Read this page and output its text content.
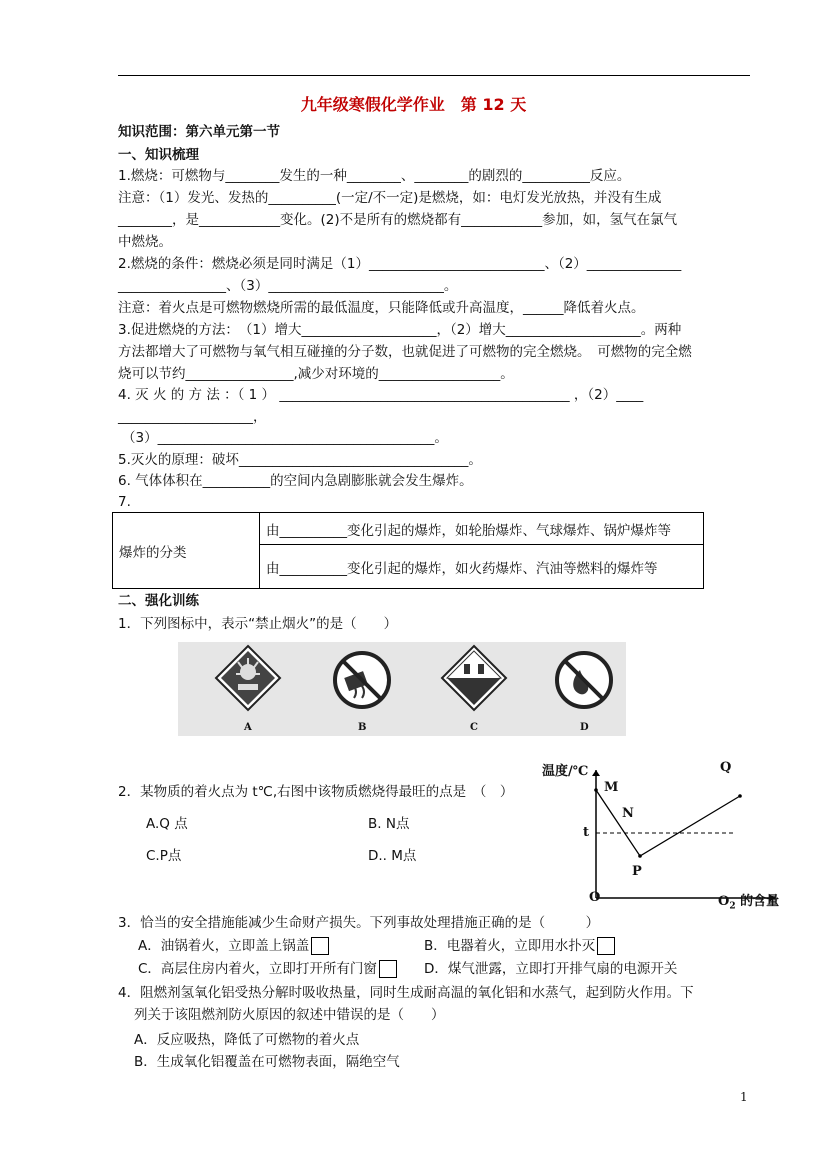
九年级寒假化学作业　第 12 天
知识范围：第六单元第一节
一、知识梳理
1.燃烧：可燃物与________发生的一种________、________的剧烈的__________反应。
注意：（1）发光、发热的__________(一定/不一定)是燃烧，如：电灯发光放热，并没有生成
________，是____________变化。(2)不是所有的燃烧都有____________参加，如，氢气在氯气
中燃烧。
2.燃烧的条件：燃烧必须是同时满足（1）__________________________、（2）______________
________________、（3）__________________________。
注意：着火点是可燃物燃烧所需的最低温度，只能降低或升高温度，______降低着火点。
3.促进燃烧的方法：　（1）增大____________________，（2）增大____________________。两种
方法都增大了可燃物与氧气相互碰撞的分子数，也就促进了可燃物的完全燃烧。　可燃物的完全燃
烧可以节约________________,减少对环境的__________________。
4. 灭 火 的 方 法 ：（ 1 ） ___________________________________________ ，（2）____
____________________，
（3）_________________________________________。
5.灭火的原理：破坏__________________________________。
6. 气体体积在__________的空间内急剧膨胀就会发生爆炸。
7.
爆炸的分类	由__________变化引起的爆炸，如轮胎爆炸、气球爆炸、锅炉爆炸等
由__________变化引起的爆炸，如火药爆炸、汽油等燃料的爆炸等
二、强化训练
1．下列图标中，表示“禁止烟火”的是（　　）
A	B	C	D
2．某物质的着火点为 t℃,右图中该物质燃烧得最旺的点是　（　）
A.Q 点	B. N点
C.P点	D.. M点
温度/℃
M
N
t
P
Q
O	$O_2$ 的含量
3．恰当的安全措施能减少生命财产损失。下列事故处理措施正确的是（　　　）
A．油锅着火，立即盖上锅盖	B．电器着火，立即用水扑灭
C．高层住房内着火，立即打开所有门窗	D．煤气泄露，立即打开排气扇的电源开关
4．阻燃剂氢氧化铝受热分解时吸收热量，同时生成耐高温的氧化铝和水蒸气，起到防火作用。下
列关于该阻燃剂防火原因的叙述中错误的是（　　）
A．反应吸热，降低了可燃物的着火点
B．生成氧化铝覆盖在可燃物表面，隔绝空气
1
